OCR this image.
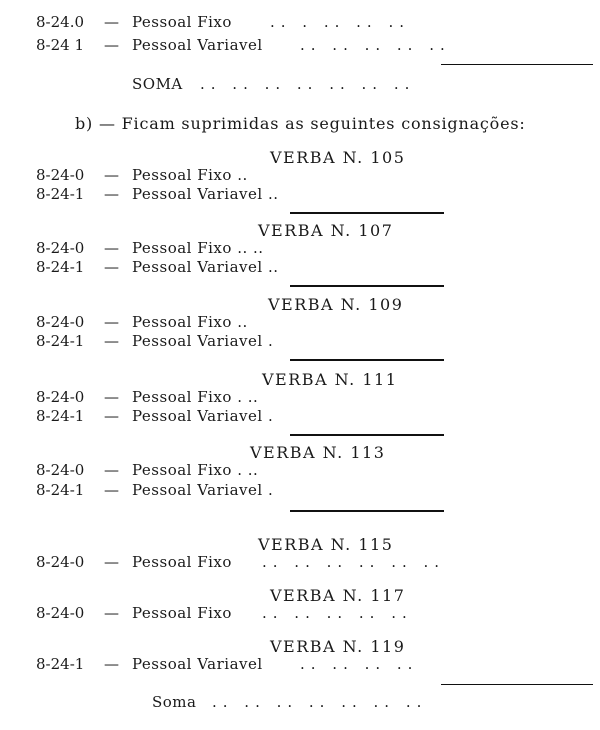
8-24.0 — Pessoal Fixo	.. . .. .. ..
8-24 1 — Pessoal Variavel .. .. .. .. ..
SOMA .. .. .. .. .. .. ..
b) — Ficam suprimidas as seguintes consignações:
VERBA N. 105
8-24-0 — Pessoal Fixo ..
8-24-1 — Pessoal Variavel ..
VERBA N. 107
8-24-0 — Pessoal Fixo .. ..
8-24-1 — Pessoal Variavel ..
VERBA N. 109
8-24-0 — Pessoal Fixo ..
8-24-1 — Pessoal Variavel .
VERBA N. 111
8-24-0 — Pessoal Fixo . ..
8-24-1 — Pessoal Variavel .
VERBA N. 113
8-24-0 — Pessoal Fixo . ..
8-24-1 — Pessoal Variavel .
VERBA N. 115
8-24-0 — Pessoal Fixo .. .. .. .. .. ..
VERBA N. 117
8-24-0 — Pessoal Fixo .. .. .. .. ..
VERBA N. 119
8-24-1 — Pessoal Variavel .. .. .. ..
Soma .. .. .. .. .. .. ..
